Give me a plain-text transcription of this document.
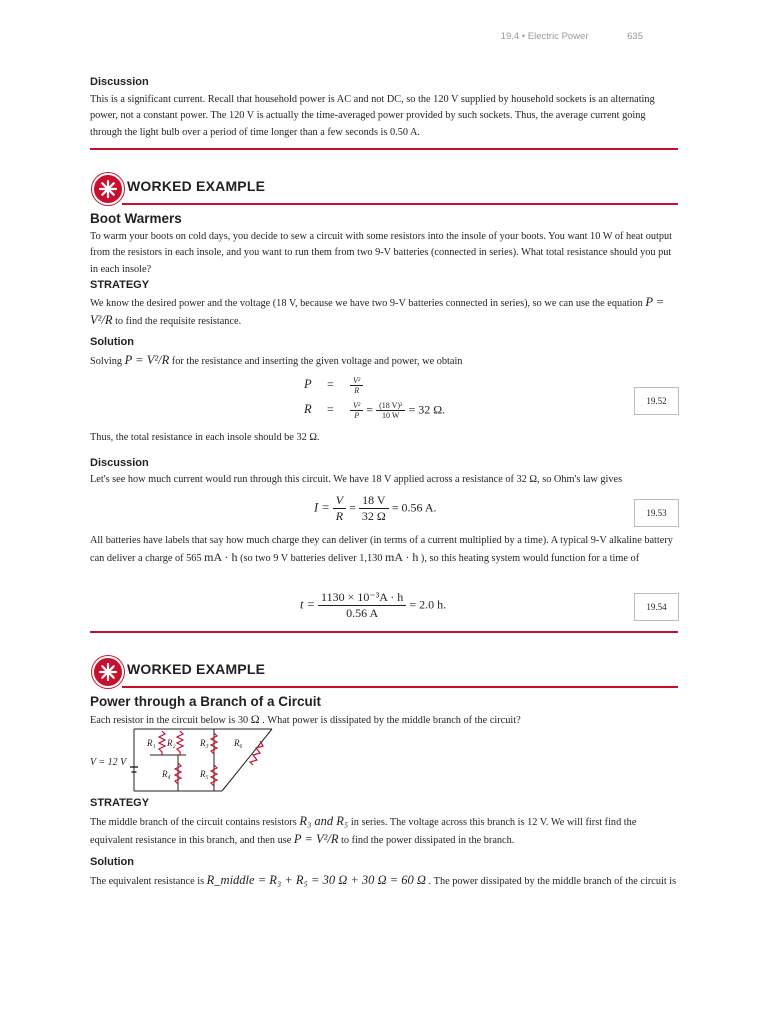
19.4 • Electric Power	635
Discussion

This is a significant current. Recall that household power is AC and not DC, so the 120 V supplied by household sockets is an alternating power, not a constant power. The 120 V is actually the time-averaged power provided by such sockets. Thus, the average current going through the light bulb over a period of time longer than a few seconds is 0.50 A.

WORKED EXAMPLE
Boot Warmers

To warm your boots on cold days, you decide to sew a circuit with some resistors into the insole of your boots. You want 10 W of heat output from the resistors in each insole, and you want to run them from two 9-V batteries (connected in series). What total resistance should you put in each insole?

STRATEGY

We know the desired power and the voltage (18 V, because we have two 9-V batteries connected in series), so we can use the equation P = V²/R to find the requisite resistance.

Solution

Solving P = V²/R for the resistance and inserting the given voltage and power, we obtain

$P = \frac{\text{V²}}{R}$
$R = \frac{\text{V²}}{P} = \frac{\text{(18 V)²}}{10 W} = 32$ Ω.
19.52

Thus, the total resistance in each insole should be 32 Ω.

Discussion

Let's see how much current would run through this circuit. We have 18 V applied across a resistance of 32 Ω, so Ohm's law gives

$I = \frac{V}{R} = \frac{18 V}{32 \Omega} = 0.56$ A.	19.53

All batteries have labels that say how much charge they can deliver (in terms of a current multiplied by a time). A typical 9-V alkaline battery can deliver a charge of 565 mA · h (so two 9 V batteries deliver 1,130 mA · h ), so this heating system would function for a time of

$t = \frac{\text{1130 × 10⁻³A · h}}{0.56 A} = 2.0$ h.	19.54
WORKED EXAMPLE
Power through a Branch of a Circuit

Each resistor in the circuit below is 30 Ω . What power is dissipated by the middle branch of the circuit?

R₁ R₂	R₃	R₆
R₄	R₅
V = 12 V
STRATEGY

The middle branch of the circuit contains resistors R₃ and R₅ in series. The voltage across this branch is 12 V. We will first find the equivalent resistance in this branch, and then use P = V²/R to find the power dissipated in the branch.

Solution

The equivalent resistance is R_middle = R₃ + R₅ = 30 Ω + 30 Ω = 60 Ω . The power dissipated by the middle branch of the circuit is
